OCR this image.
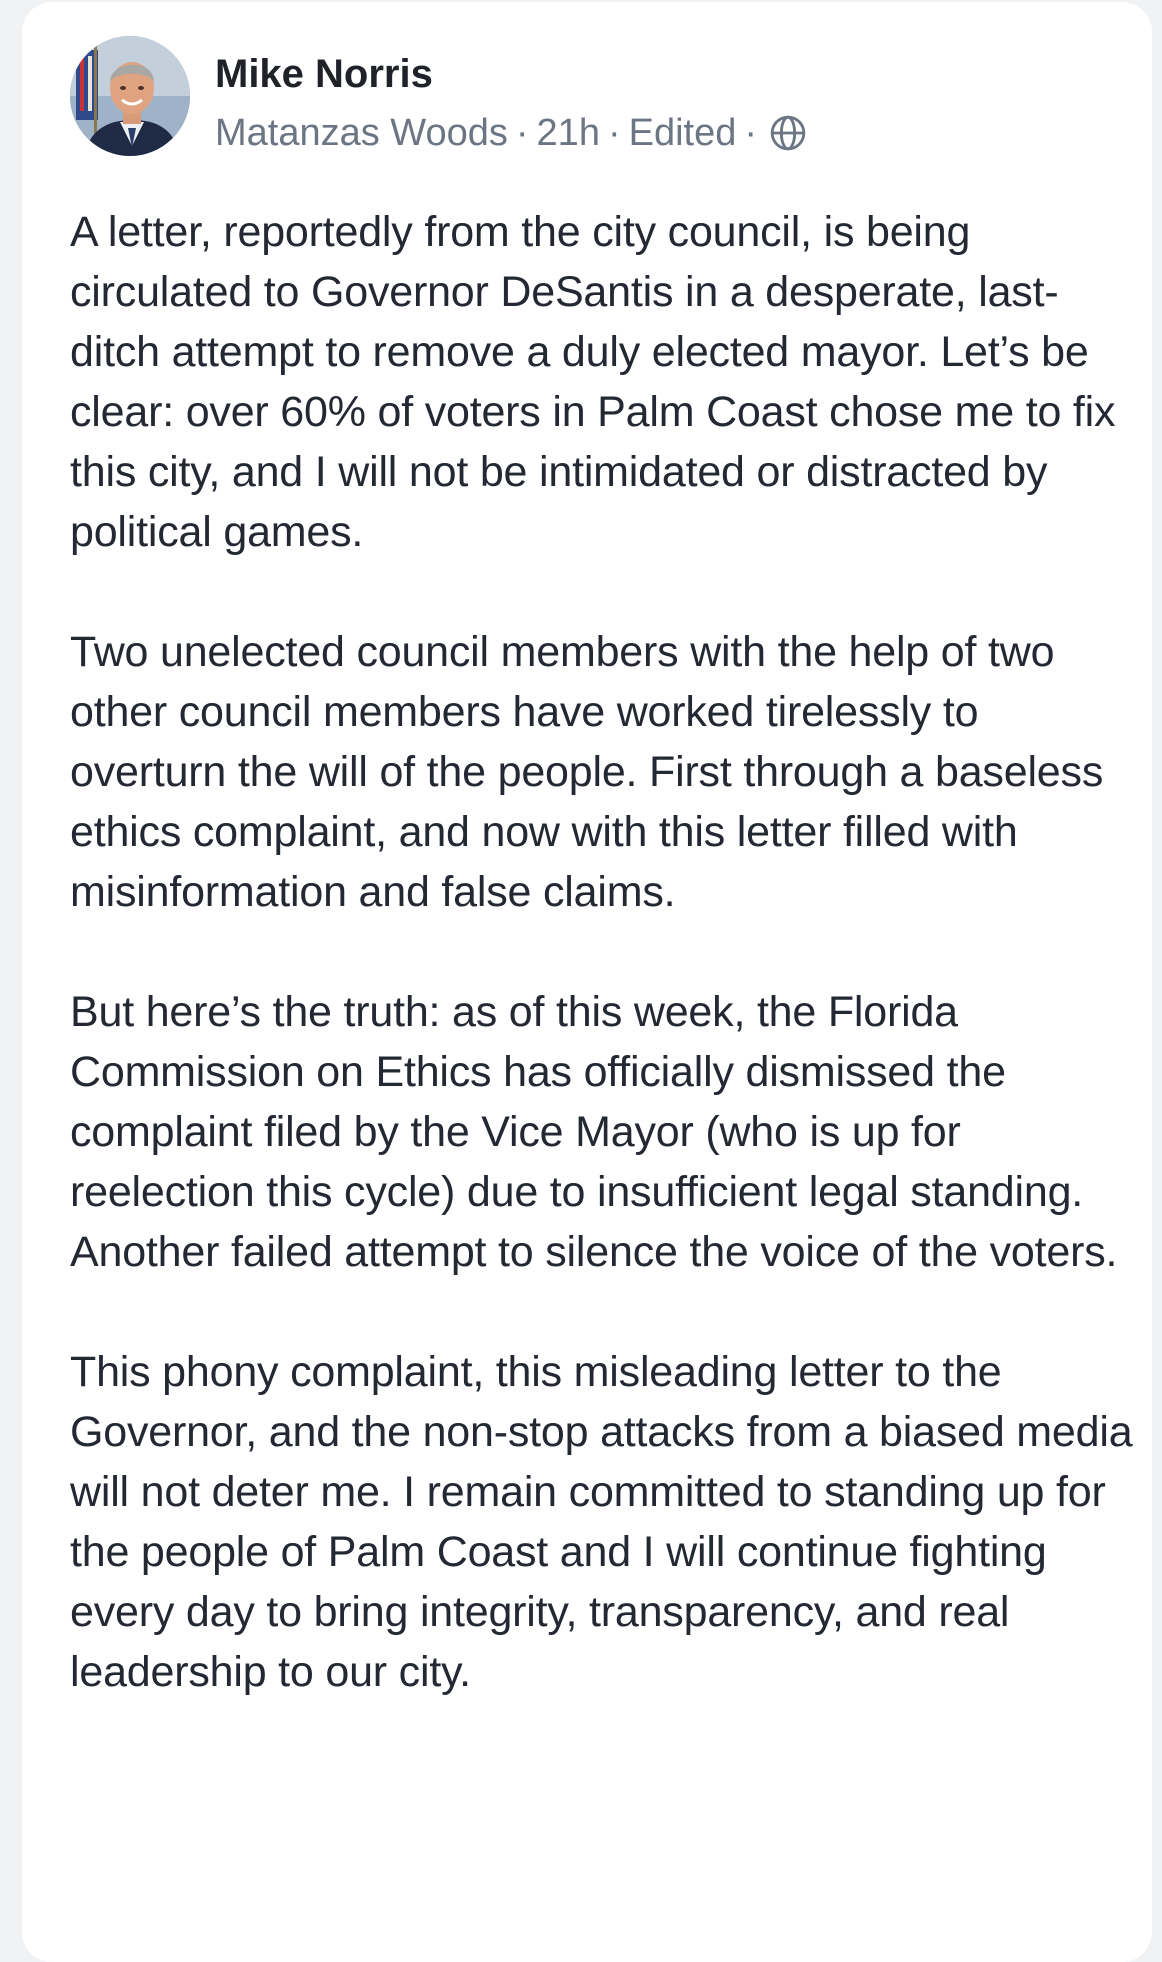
Mike Norris
Matanzas Woods · 21h · Edited ·

A letter, reportedly from the city council, is being circulated to Governor DeSantis in a desperate, last-ditch attempt to remove a duly elected mayor. Let’s be clear: over 60% of voters in Palm Coast chose me to fix this city, and I will not be intimidated or distracted by political games.

Two unelected council members with the help of two other council members have worked tirelessly to overturn the will of the people. First through a baseless ethics complaint, and now with this letter filled with misinformation and false claims.

But here’s the truth: as of this week, the Florida Commission on Ethics has officially dismissed the complaint filed by the Vice Mayor (who is up for reelection this cycle) due to insufficient legal standing. Another failed attempt to silence the voice of the voters.

This phony complaint, this misleading letter to the Governor, and the non-stop attacks from a biased media will not deter me. I remain committed to standing up for the people of Palm Coast and I will continue fighting every day to bring integrity, transparency, and real leadership to our city.
